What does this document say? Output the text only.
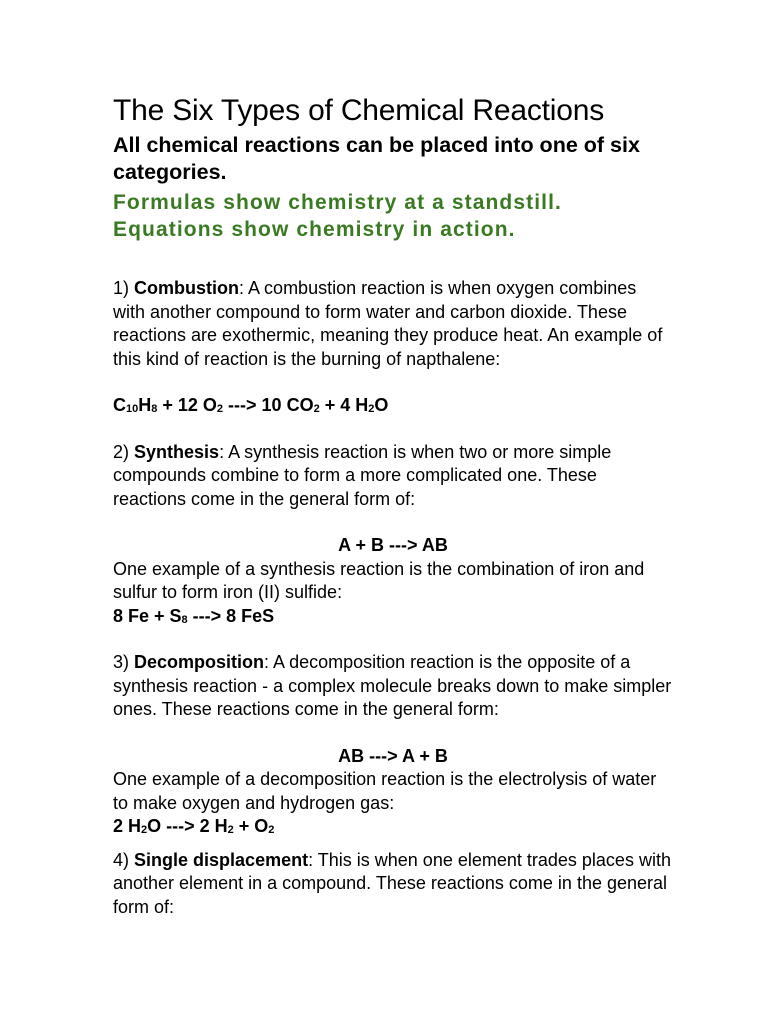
The Six Types of Chemical Reactions

All chemical reactions can be placed into one of six categories.

Formulas show chemistry at a standstill.

Equations show chemistry in action.

1) Combustion: A combustion reaction is when oxygen combines with another compound to form water and carbon dioxide. These reactions are exothermic, meaning they produce heat. An example of this kind of reaction is the burning of napthalene:

$C_{10}H_8 + 12$ $O_2$ ---> 10 $CO_2 + 4$ $H_2O$

2) Synthesis: A synthesis reaction is when two or more simple compounds combine to form a more complicated one. These reactions come in the general form of:

A + B ---> AB

One example of a synthesis reaction is the combination of iron and sulfur to form iron (II) sulfide:

8 $Fe + S_8$ ---> 8 FeS

3) Decomposition: A decomposition reaction is the opposite of a synthesis reaction - a complex molecule breaks down to make simpler ones. These reactions come in the general form:

AB ---> A + B

One example of a decomposition reaction is the electrolysis of water to make oxygen and hydrogen gas:

2 $H_2O$ ---> 2 $H_2 + O_2$

4) Single displacement: This is when one element trades places with another element in a compound. These reactions come in the general form of:
